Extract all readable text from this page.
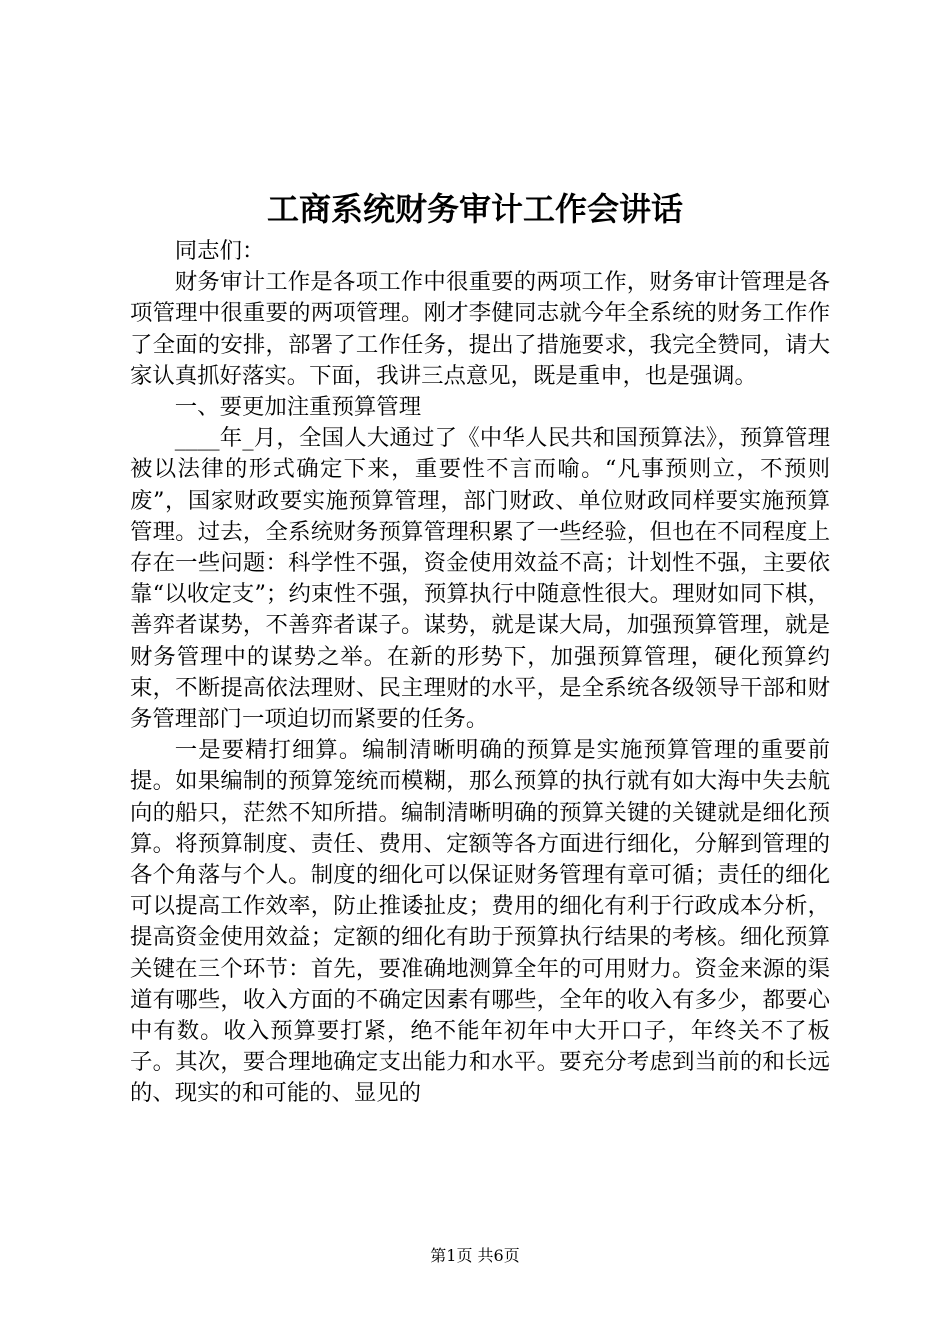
工商系统财务审计工作会讲话

同志们：

财务审计工作是各项工作中很重要的两项工作，财务审计管理是各项管理中很重要的两项管理。刚才李健同志就今年全系统的财务工作作了全面的安排，部署了工作任务，提出了措施要求，我完全赞同，请大家认真抓好落实。下面，我讲三点意见，既是重申，也是强调。

一、要更加注重预算管理

____年_月，全国人大通过了《中华人民共和国预算法》，预算管理被以法律的形式确定下来，重要性不言而喻。“凡事预则立，不预则废”，国家财政要实施预算管理，部门财政、单位财政同样要实施预算管理。过去，全系统财务预算管理积累了一些经验，但也在不同程度上存在一些问题：科学性不强，资金使用效益不高；计划性不强，主要依靠“以收定支”；约束性不强，预算执行中随意性很大。理财如同下棋，善弈者谋势，不善弈者谋子。谋势，就是谋大局，加强预算管理，就是财务管理中的谋势之举。在新的形势下，加强预算管理，硬化预算约束，不断提高依法理财、民主理财的水平，是全系统各级领导干部和财务管理部门一项迫切而紧要的任务。

一是要精打细算。编制清晰明确的预算是实施预算管理的重要前提。如果编制的预算笼统而模糊，那么预算的执行就有如大海中失去航向的船只，茫然不知所措。编制清晰明确的预算关键的关键就是细化预算。将预算制度、责任、费用、定额等各方面进行细化，分解到管理的各个角落与个人。制度的细化可以保证财务管理有章可循；责任的细化可以提高工作效率，防止推诿扯皮；费用的细化有利于行政成本分析，提高资金使用效益；定额的细化有助于预算执行结果的考核。细化预算关键在三个环节：首先，要准确地测算全年的可用财力。资金来源的渠道有哪些，收入方面的不确定因素有哪些，全年的收入有多少，都要心中有数。收入预算要打紧，绝不能年初年中大开口子，年终关不了板子。其次，要合理地确定支出能力和水平。要充分考虑到当前的和长远的、现实的和可能的、显见的

第1页 共6页
